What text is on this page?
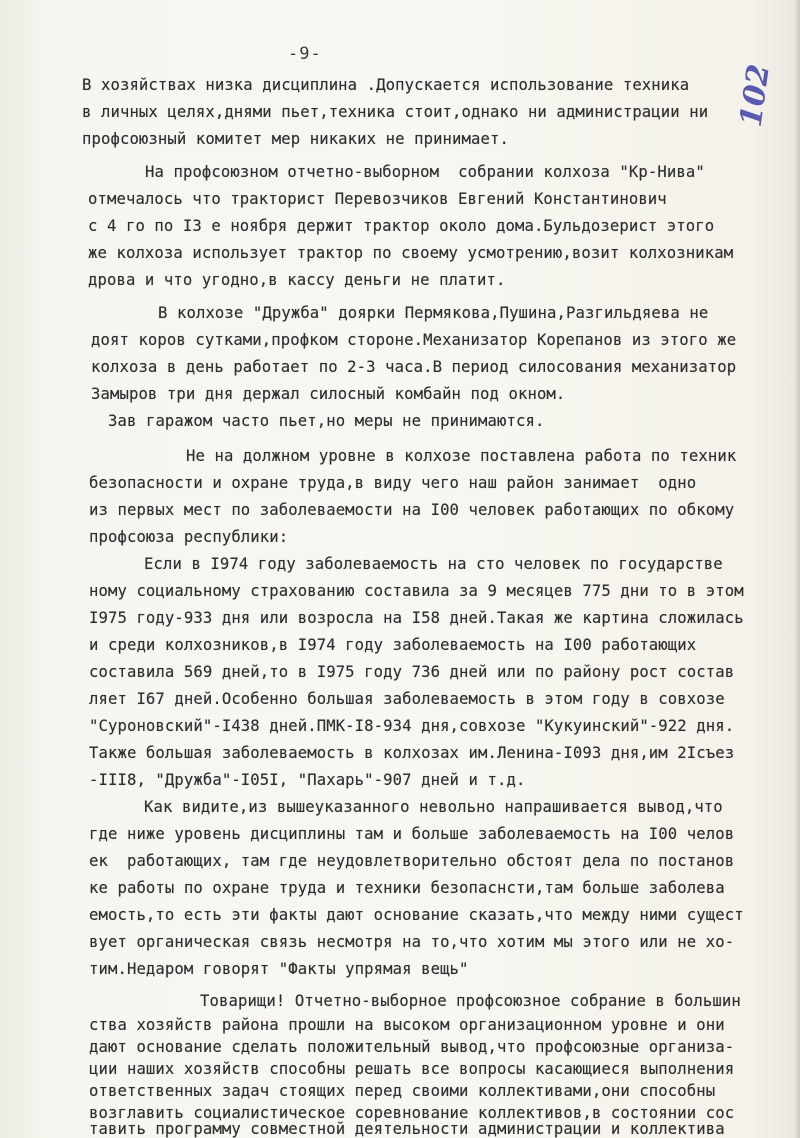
-9-
102
В хозяйствах низка дисциплина .Допускается использование техника
в личных целях,днями пьет,техника стоит,однако ни администрации ни
профсоюзный комитет мер никаких не принимает.
На профсоюзном отчетно-выборном  собрании колхоза "Кр-Нива"
отмечалось что тракторист Перевозчиков Евгений Константинович
с 4 го по I3 е ноября держит трактор около дома.Бульдозерист этого
же колхоза использует трактор по своему усмотрению,возит колхозникам
дрова и что угодно,в кассу деньги не платит.
В колхозе "Дружба" доярки Пермякова,Пушина,Разгильдяева не
доят коров сутками,профком стороне.Механизатор Корепанов из этого же
колхоза в день работает по 2-3 часа.В период силосования механизатор
Замыров три дня держал силосный комбайн под окном.
Зав гаражом часто пьет,но меры не принимаются.
Не на должном уровне в колхозе поставлена работа по техник
безопасности и охране труда,в виду чего наш район занимает  одно
из первых мест по заболеваемости на I00 человек работающих по обкому
профсоюза республики:
Если в I974 году заболеваемость на сто человек по государстве
ному социальному страхованию составила за 9 месяцев 775 дни то в этом
I975 году-933 дня или возросла на I58 дней.Такая же картина сложилась
и среди колхозников,в I974 году заболеваемость на I00 работающих
составила 569 дней,то в I975 году 736 дней или по району рост состав
ляет I67 дней.Особенно большая заболеваемость в этом году в совхозе
"Суроновский"-I438 дней.ПМК-I8-934 дня,совхозе "Кукуинский"-922 дня.
Также большая заболеваемость в колхозах им.Ленина-I093 дня,им 2Iсъез
-III8, "Дружба"-I05I, "Пахарь"-907 дней и т.д.
Как видите,из вышеуказанного невольно напрашивается вывод,что
где ниже уровень дисциплины там и больше заболеваемость на I00 челов
ек  работающих, там где неудовлетворительно обстоят дела по постанов
ке работы по охране труда и техники безопаснсти,там больше заболева
емость,то есть эти факты дают основание сказать,что между ними сущест
вует органическая связь несмотря на то,что хотим мы этого или не хо-
тим.Недаром говорят "Факты упрямая вещь"
Товарищи! Отчетно-выборное профсоюзное собрание в большин
ства хозяйств района прошли на высоком организационном уровне и они
дают основание сделать положительный вывод,что профсоюзные организа-
ции наших хозяйств способны решать все вопросы касающиеся выполнения
ответственных задач стоящих перед своими коллективами,они способны
возглавить социалистическое соревнование коллективов,в состоянии сос
тавить программу совместной деятельности администрации и коллектива
